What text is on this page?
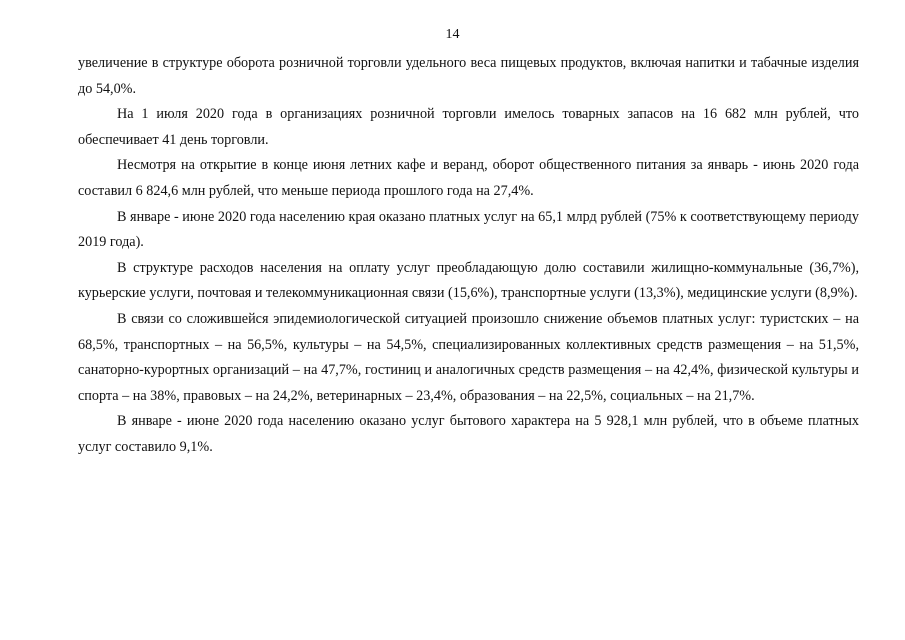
14

увеличение в структуре оборота розничной торговли удельного веса пищевых продуктов, включая напитки и табачные изделия до 54,0%.

На 1 июля 2020 года в организациях розничной торговли имелось товарных запасов на 16 682 млн рублей, что обеспечивает 41 день торговли.

Несмотря на открытие в конце июня летних кафе и веранд, оборот общественного питания за январь - июнь 2020 года составил 6 824,6 млн рублей, что меньше периода прошлого года на 27,4%.

В январе - июне 2020 года населению края оказано платных услуг на 65,1 млрд рублей (75% к соответствующему периоду 2019 года).

В структуре расходов населения на оплату услуг преобладающую долю составили жилищно-коммунальные (36,7%), курьерские услуги, почтовая и телекоммуникационная связи (15,6%), транспортные услуги (13,3%), медицинские услуги (8,9%).

В связи со сложившейся эпидемиологической ситуацией произошло снижение объемов платных услуг: туристских – на 68,5%, транспортных – на 56,5%, культуры – на 54,5%, специализированных коллективных средств размещения – на 51,5%, санаторно-курортных организаций – на 47,7%, гостиниц и аналогичных средств размещения – на 42,4%, физической культуры и спорта – на 38%, правовых – на 24,2%, ветеринарных – 23,4%, образования – на 22,5%, социальных – на 21,7%.

В январе - июне 2020 года населению оказано услуг бытового характера на 5 928,1 млн рублей, что в объеме платных услуг составило 9,1%.
